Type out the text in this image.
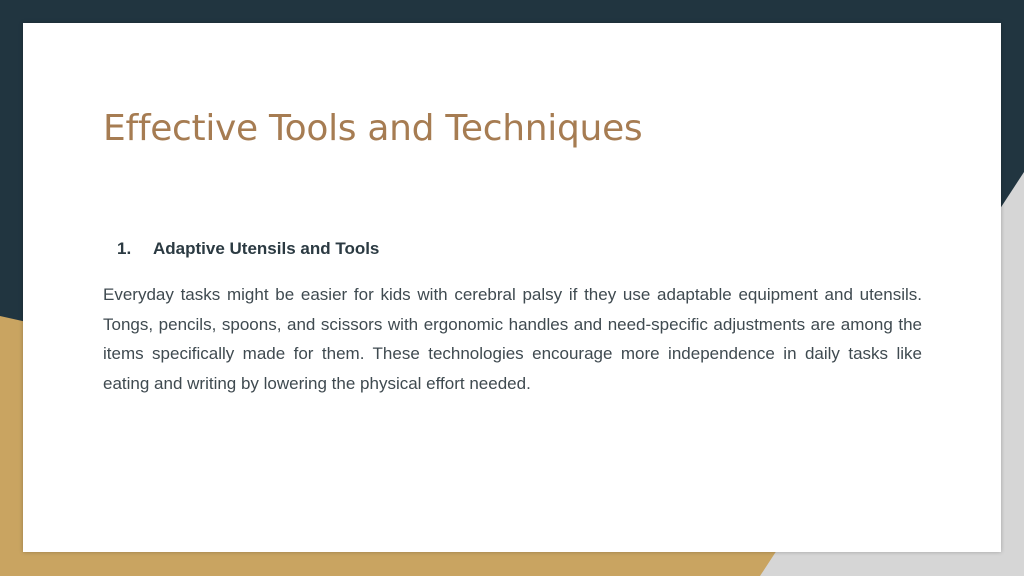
Effective Tools and Techniques
1.	Adaptive Utensils and Tools

Everyday tasks might be easier for kids with cerebral palsy if they use adaptable equipment and utensils. Tongs, pencils, spoons, and scissors with ergonomic handles and need-specific adjustments are among the items specifically made for them. These technologies encourage more independence in daily tasks like eating and writing by lowering the physical effort needed.
